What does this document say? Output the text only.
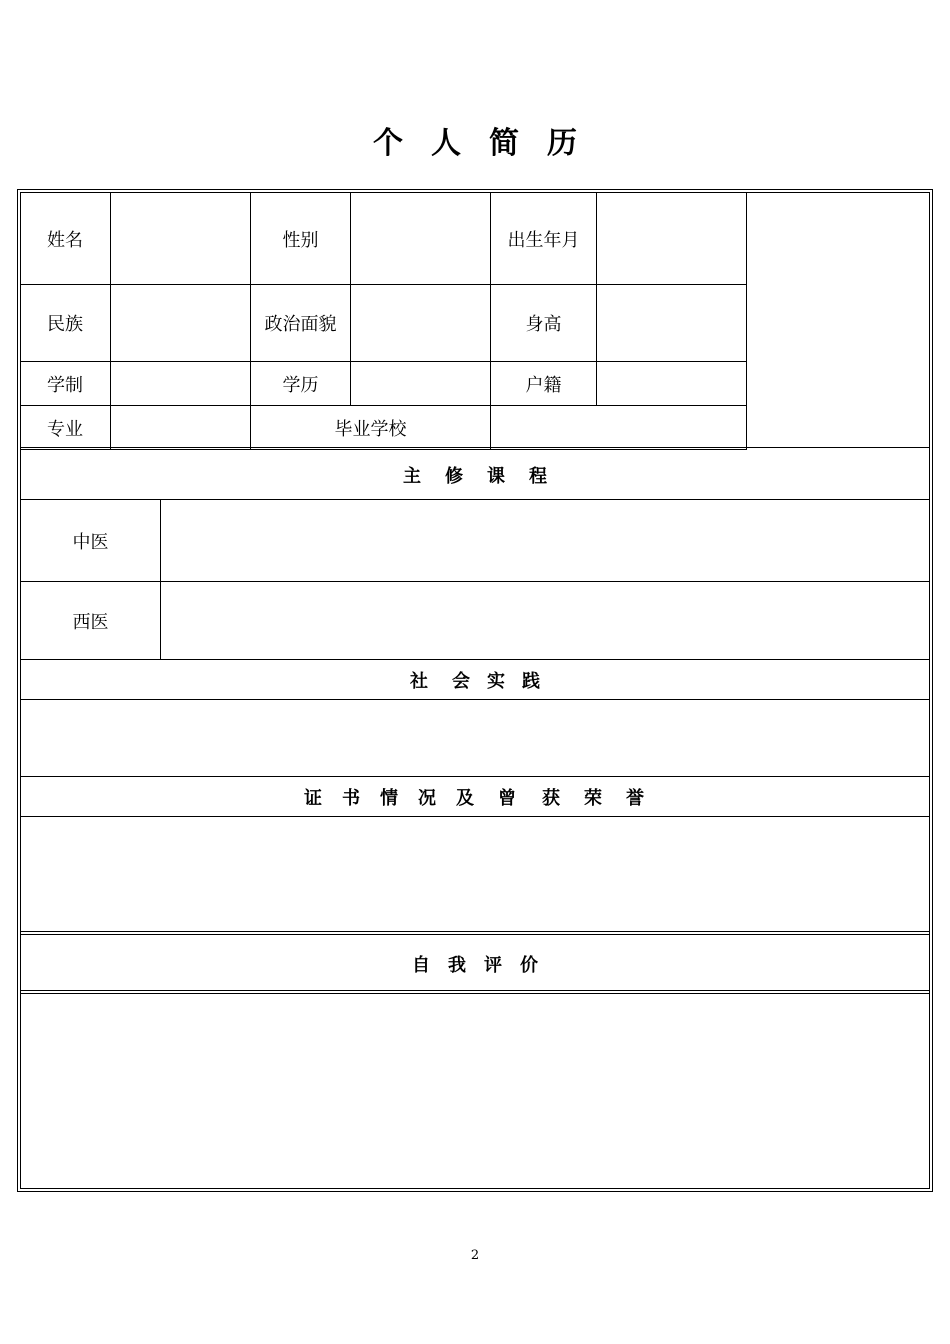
个 人 简 历
姓名	性别	出生年月
民族	政治面貌	身高
学制	学历	户籍
专业	毕业学校
主 修 课 程
中医
西医
社 会 实 践
证 书 情 况 及 曾 获 荣 誉
自 我 评 价
2
